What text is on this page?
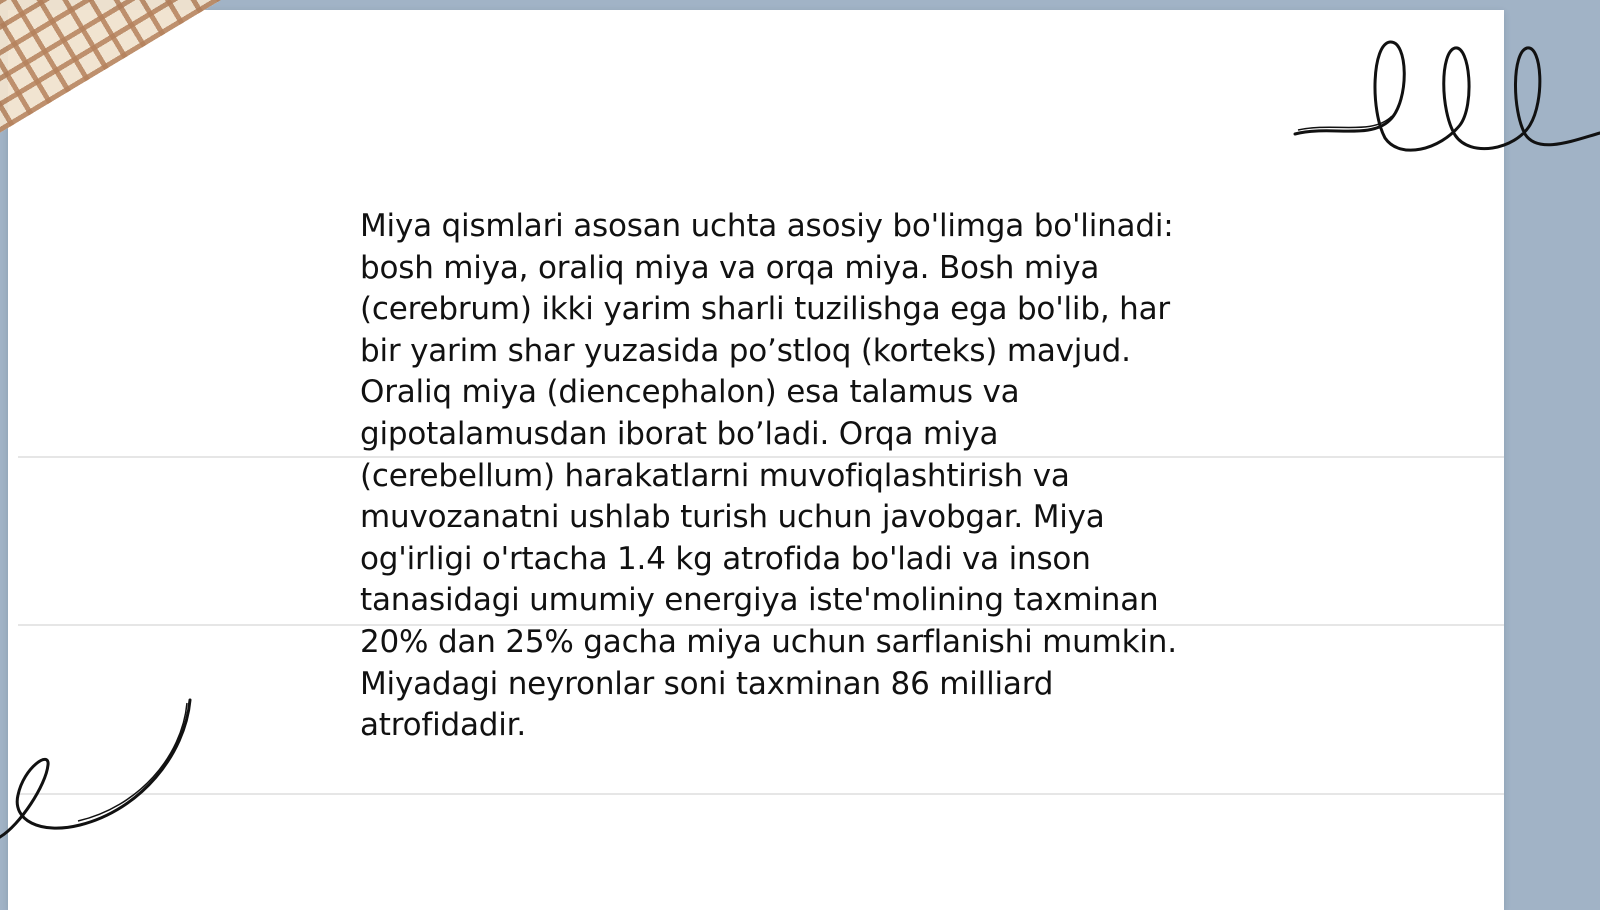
Miya qismlari asosan uchta asosiy bo'limga bo'linadi:
bosh miya, oraliq miya va orqa miya. Bosh miya
(cerebrum) ikki yarim sharli tuzilishga ega bo'lib, har
bir yarim shar yuzasida po’stloq (korteks) mavjud.
Oraliq miya (diencephalon) esa talamus va
gipotalamusdan iborat bo’ladi. Orqa miya
(cerebellum) harakatlarni muvofiqlashtirish va
muvozanatni ushlab turish uchun javobgar. Miya
og'irligi o'rtacha 1.4 kg atrofida bo'ladi va inson
tanasidagi umumiy energiya iste'molining taxminan
20% dan 25% gacha miya uchun sarflanishi mumkin.
Miyadagi neyronlar soni taxminan 86 milliard
atrofidadir.
